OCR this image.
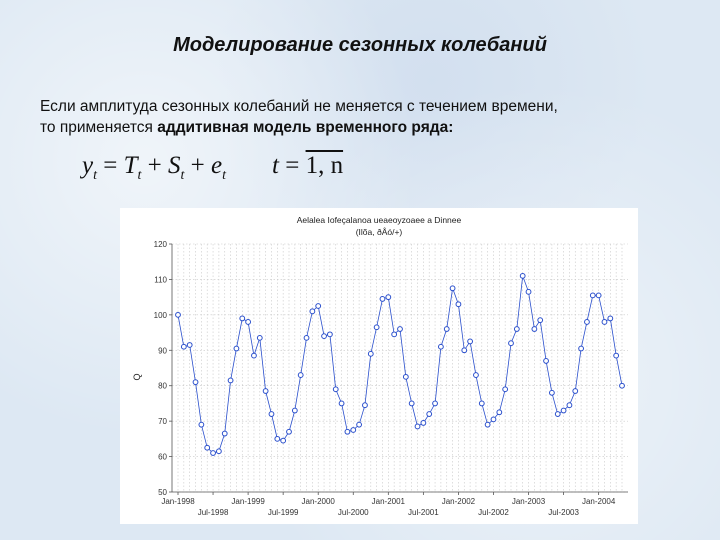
Моделирование сезонных колебаний
Если амплитуда сезонных колебаний не меняется с течением времени,
то применяется аддитивная модель временного ряда:
$y_t = T_t + S_t + e_t$ t = 1, n
Aelalea Iofeçalanoa ueaeoyzoaee a Dinnee
(Ilõa, ðÅó/+)
Q
50
60
70
80
90
100
110
120
Jan-1998	Jan-1999	Jan-2000	Jan-2001	Jan-2002	Jan-2003	Jan-2004
Jul-1998	Jul-1999	Jul-2000	Jul-2001	Jul-2002	Jul-2003
